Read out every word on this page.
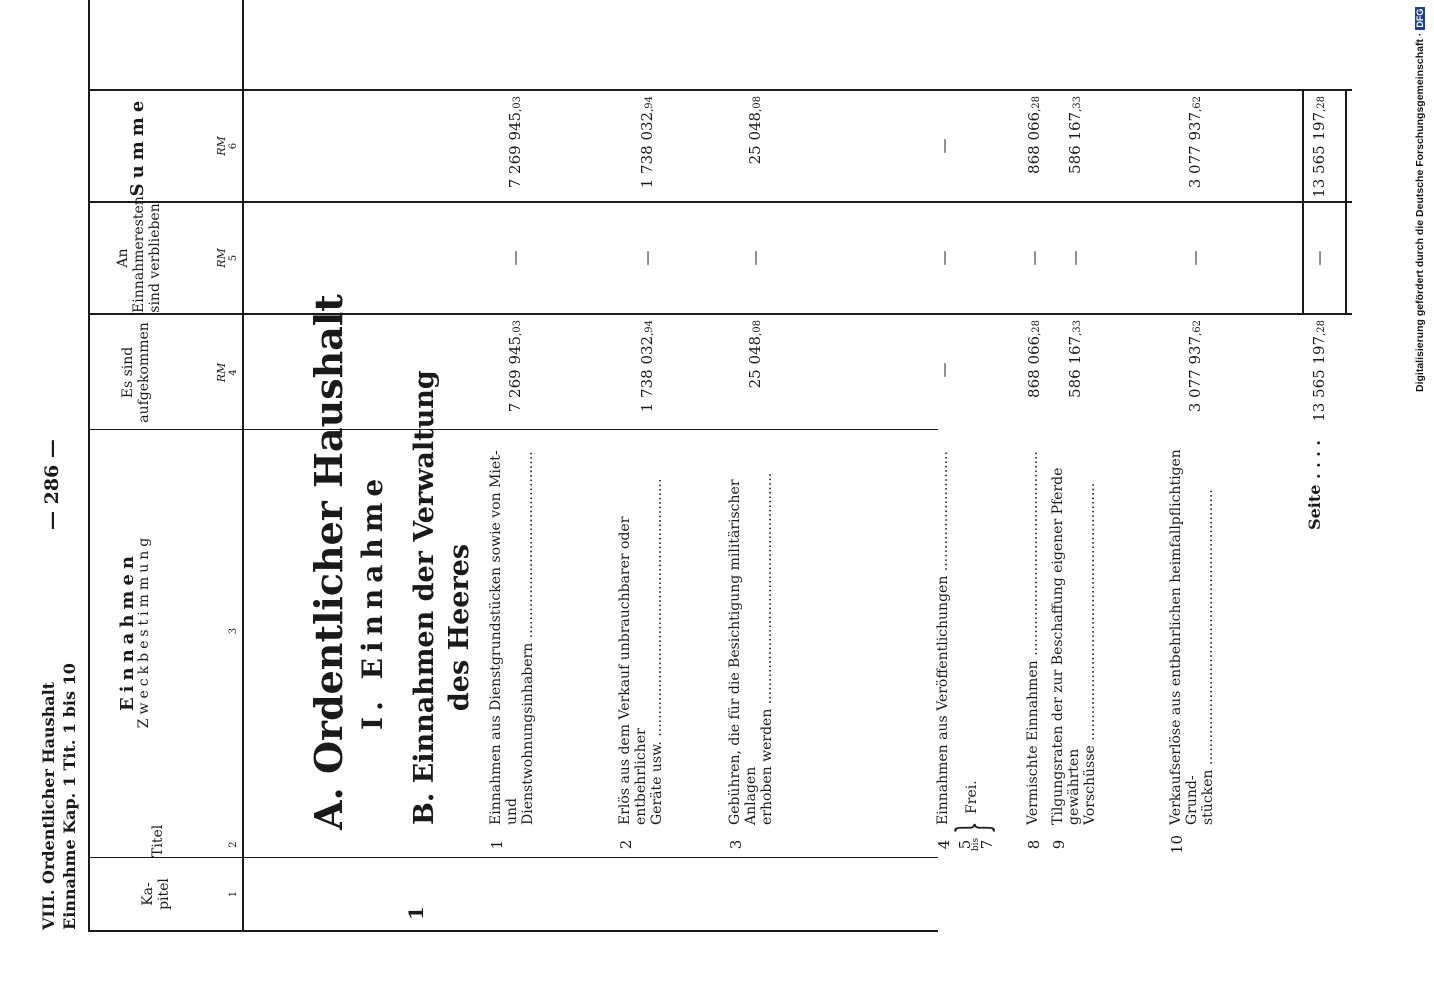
VIII. Ordentlicher Haushalt Einnahme Kap. 1 Tit. 1 bis 10
— 286 —
Ka-
pitel
Titel
Einnahmen
Zweckbestimmung
Es sind
aufgekommen
An
Einnahmeresten
sind verblieben
Summe
RM
RM
RM
1
2
3
4
5
6
1
A. Ordentlicher Haushalt I. Einnahme B. Einnahmen der Verwaltung des Heeres
1
Einnahmen aus Dienstgrundstücken sowie von Miet- und Dienstwohnungsinhabern ..........................................
7 269 945,03
—
7 269 945,03
2
Erlös aus dem Verkauf unbrauchbarer oder entbehrlicher Geräte usw. ..........................................................
1 738 032,94
—
1 738 032,94
3
Gebühren, die für die Besichtigung militärischer Anlagen erhoben werden ....................................................
25 048,08
—
25 048,08
4
Einnahmen aus Veröffentlichungen ...........................
—
—
—
5
bis
7
}
Frei.
8
Vermischte Einnahmen ..............................................
868 066,28
—
868 066,28
9
Tilgungsraten der zur Beschaffung eigener Pferde gewährten Vorschüsse ..........................................................
586 167,33
—
586 167,33
10
Verkaufserlöse aus entbehrlichen heimfallpflichtigen Grund- stücken ..............................................................
3 077 937,62
—
3 077 937,62
Seite . . . .
13 565 197,28
—
13 565 197,28	Digitalisierung gefördert durch die Deutsche Forschungsgemeinschaft ·DFG
